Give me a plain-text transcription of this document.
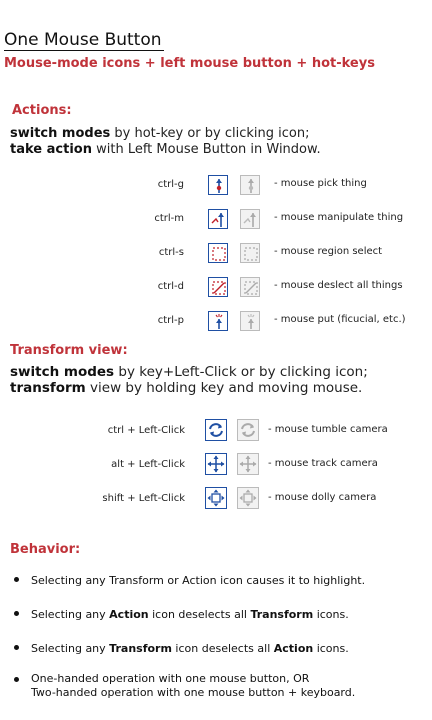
One Mouse Button
Mouse-mode icons + left mouse button + hot-keys
Actions:
switch modes by hot-key or by clicking icon;
take action with Left Mouse Button in Window.
ctrl-g	- mouse pick thing
ctrl-m	- mouse manipulate thing
ctrl-s	- mouse region select
ctrl-d	- mouse deslect all things
ctrl-p	- mouse put (ficucial, etc.)
Transform view:
switch modes by key+Left-Click or by clicking icon;
transform view by holding key and moving mouse.
ctrl + Left-Click	- mouse tumble camera
alt + Left-Click	- mouse track camera
shift + Left-Click	- mouse dolly camera
Behavior:
Selecting any Transform or Action icon causes it to highlight.
Selecting any Action icon deselects all Transform icons.
Selecting any Transform icon deselects all Action icons.
One-handed operation with one mouse button, OR
Two-handed operation with one mouse button + keyboard.
